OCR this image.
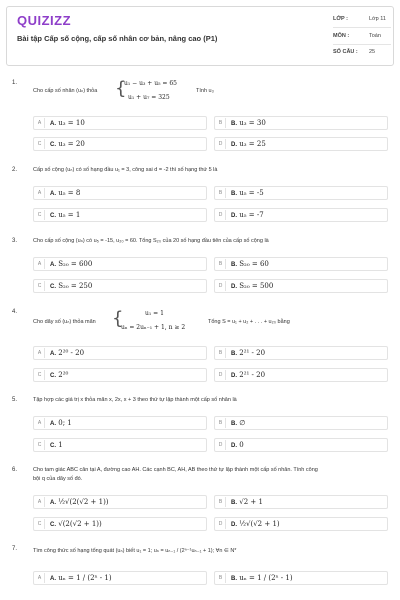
QUIZIZZ
Bài tập Cấp số cộng, cấp số nhân cơ bản, nâng cao (P1)
LỚP :	Lớp 11
MÔN :	Toán
SỐ CÂU : 25
1.
Cho cấp số nhân (uₙ) thỏa {
u₁ − u₃ + u₅ = 65
u₁ + u₇ = 325
Tính u₃
A	A. u₃ = 10	B	B. u₃ = 30
C	C. u₃ = 20	D	D. u₃ = 25
2.	Cấp số cộng (uₙ) có số hạng đầu u₁ = 3, công sai d = -2 thì số hạng thứ 5 là
A	A. u₅ = 8	B	B. u₅ = -5
C	C. u₅ = 1	D	D. u₅ = -7
3.	Cho cấp số cộng (uₙ) có u₅ = -15, u₂₀ = 60. Tổng S₂₀ của 20 số hạng đầu tiên của cấp số cộng là
A	A. S₂₀ = 600	B	B. S₂₀ = 60
C	C. S₂₀ = 250	D	D. S₂₀ = 500
4.
Cho dãy số (uₙ) thỏa mãn {	u₁ = 1
uₙ = 2uₙ₋₁ + 1, n ≥ 2
Tổng S = u₁ + u₂ + . . . + u₂₀ bằng
A	A. 2²⁰ - 20	B	B. 2²¹ - 20
C	C. 2²⁰	D	D. 2²¹ - 20
5.	Tập hợp các giá trị x thỏa mãn x, 2x, x + 3 theo thứ tự lập thành một cấp số nhân là
A	A. 0; 1	B	B. ∅
C	C. 1	D	D. 0
6.	Cho tam giác ABC cân tại A, đường cao AH. Các cạnh BC, AH, AB theo thứ tự lập thành một cấp số nhân. Tính công
bội q của dãy số đó.
A	A. ½√(2(√2 + 1))	B	B. √2 + 1
C	C. √(2(√2 + 1))	D	D. ½√(√2 + 1)
7.	Tìm công thức số hạng tổng quát (uₙ) biết u₁ = 1; uₙ = uₙ₋₁ / (2ⁿ⁻¹uₙ₋₁ + 1); ∀n ∈ N*
A	A. uₙ = 1 / (2ⁿ - 1)	B	B. uₙ = 1 / (2ⁿ - 1)
